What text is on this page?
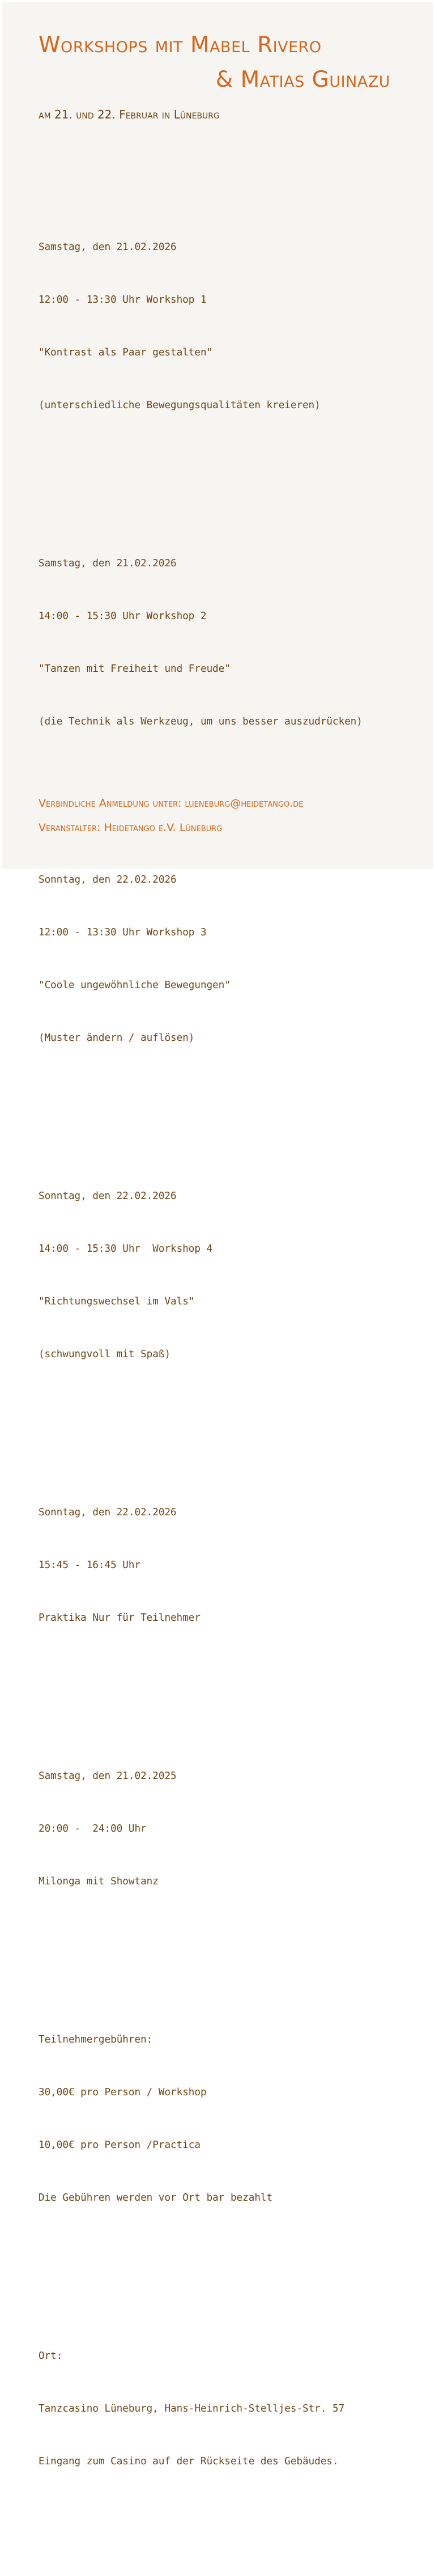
Workshops mit Mabel Rivero
& Matias Guinazu
am 21. und 22. Februar in Lüneburg

Samstag, den 21.02.2026

12:00 - 13:30 Uhr Workshop 1

"Kontrast als Paar gestalten"

(unterschiedliche Bewegungsqualitäten kreieren)

Samstag, den 21.02.2026

14:00 - 15:30 Uhr Workshop 2

"Tanzen mit Freiheit und Freude"

(die Technik als Werkzeug, um uns besser auszudrücken)

Sonntag, den 22.02.2026

12:00 - 13:30 Uhr Workshop 3

"Coole ungewöhnliche Bewegungen"

(Muster ändern / auflösen)

Sonntag, den 22.02.2026

14:00 - 15:30 Uhr  Workshop 4

"Richtungswechsel im Vals"

(schwungvoll mit Spaß)

Sonntag, den 22.02.2026

15:45 - 16:45 Uhr

Praktika Nur für Teilnehmer

Samstag, den 21.02.2025

20:00 -  24:00 Uhr

Milonga mit Showtanz

Teilnehmergebühren:

30,00€ pro Person / Workshop

10,00€ pro Person /Practica

Die Gebühren werden vor Ort bar bezahlt

Ort:

Tanzcasino Lüneburg, Hans-Heinrich-Stelljes-Str. 57

Eingang zum Casino auf der Rückseite des Gebäudes.

Verbindliche Anmeldung unter: lueneburg@heidetango.de
Veranstalter: Heidetango e.V. Lüneburg
